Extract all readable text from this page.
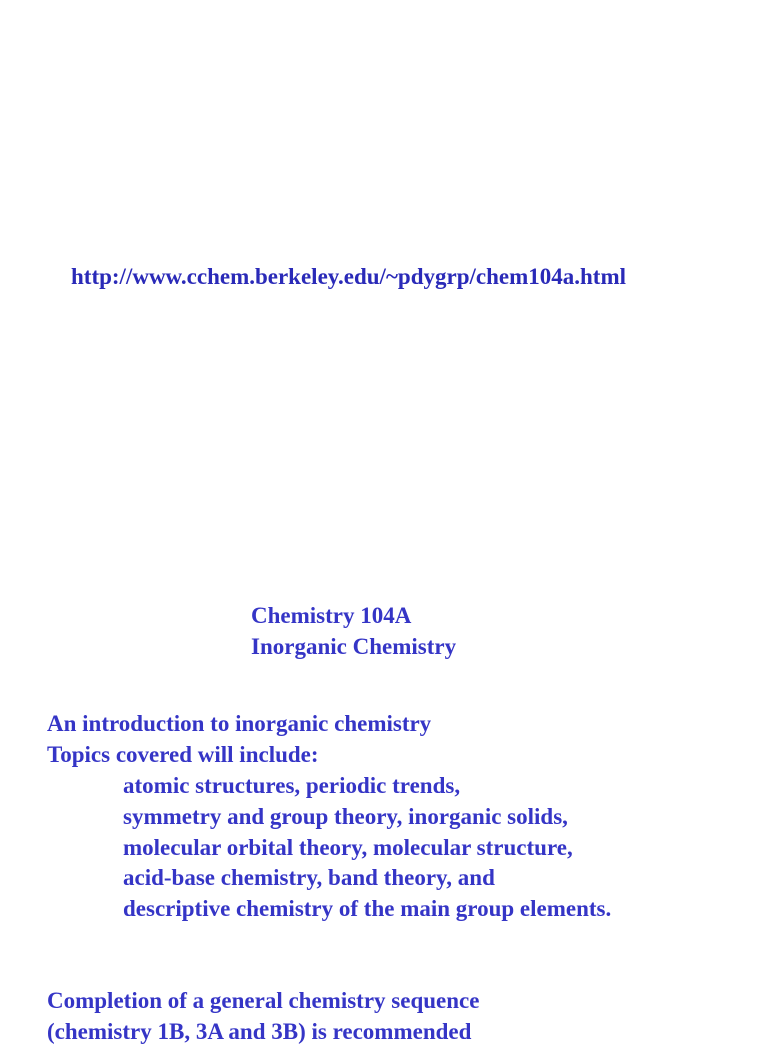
http://www.cchem.berkeley.edu/~pdygrp/chem104a.html
Chemistry 104A
Inorganic Chemistry
An introduction to inorganic chemistry
Topics covered will include:
atomic structures, periodic trends,
symmetry and group theory, inorganic solids,
molecular orbital theory, molecular structure,
acid-base chemistry, band theory, and
descriptive chemistry of the main group elements.
Completion of a general chemistry sequence
(chemistry 1B, 3A and 3B) is recommended
